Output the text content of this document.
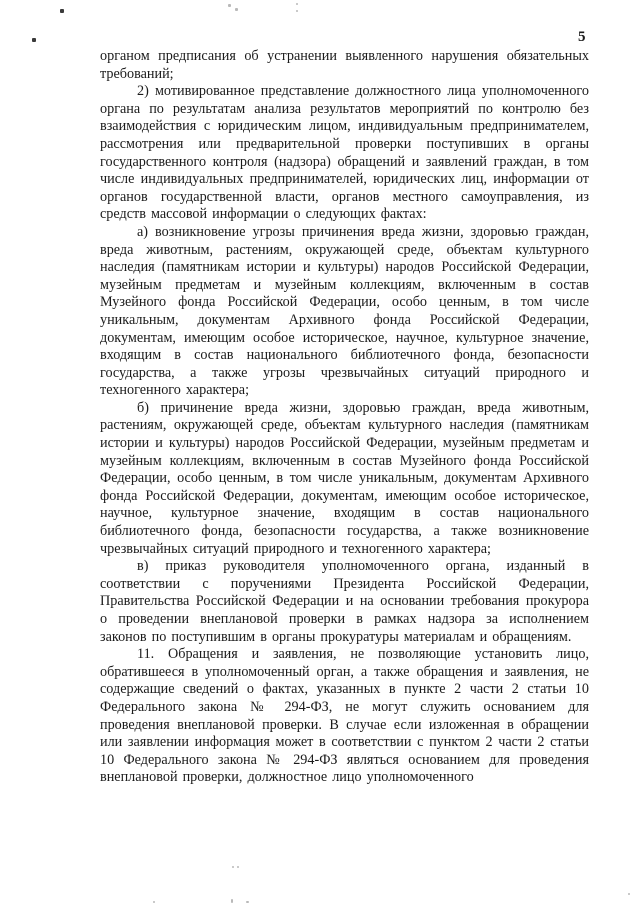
5

органом предписания об устранении выявленного нарушения обязательных требований;

2) мотивированное представление должностного лица уполномоченного органа по результатам анализа результатов мероприятий по контролю без взаимодействия с юридическим лицом, индивидуальным предпринимателем, рассмотрения или предварительной проверки поступивших в органы государственного контроля (надзора) обращений и заявлений граждан, в том числе индивидуальных предпринимателей, юридических лиц, информации от органов государственной власти, органов местного самоуправления, из средств массовой информации о следующих фактах:

а) возникновение угрозы причинения вреда жизни, здоровью граждан, вреда животным, растениям, окружающей среде, объектам культурного наследия (памятникам истории и культуры) народов Российской Федерации, музейным предметам и музейным коллекциям, включенным в состав Музейного фонда Российской Федерации, особо ценным, в том числе уникальным, документам Архивного фонда Российской Федерации, документам, имеющим особое историческое, научное, культурное значение, входящим в состав национального библиотечного фонда, безопасности государства, а также угрозы чрезвычайных ситуаций природного и техногенного характера;

б) причинение вреда жизни, здоровью граждан, вреда животным, растениям, окружающей среде, объектам культурного наследия (памятникам истории и культуры) народов Российской Федерации, музейным предметам и музейным коллекциям, включенным в состав Музейного фонда Российской Федерации, особо ценным, в том числе уникальным, документам Архивного фонда Российской Федерации, документам, имеющим особое историческое, научное, культурное значение, входящим в состав национального библиотечного фонда, безопасности государства, а также возникновение чрезвычайных ситуаций природного и техногенного характера;

в) приказ руководителя уполномоченного органа, изданный в соответствии с поручениями Президента Российской Федерации, Правительства Российской Федерации и на основании требования прокурора о проведении внеплановой проверки в рамках надзора за исполнением законов по поступившим в органы прокуратуры материалам и обращениям.

11. Обращения и заявления, не позволяющие установить лицо, обратившееся в уполномоченный орган, а также обращения и заявления, не содержащие сведений о фактах, указанных в пункте 2 части 2 статьи 10 Федерального закона № 294-ФЗ, не могут служить основанием для проведения внеплановой проверки. В случае если изложенная в обращении или заявлении информация может в соответствии с пунктом 2 части 2 статьи 10 Федерального закона № 294-ФЗ являться основанием для проведения внеплановой проверки, должностное лицо уполномоченного
